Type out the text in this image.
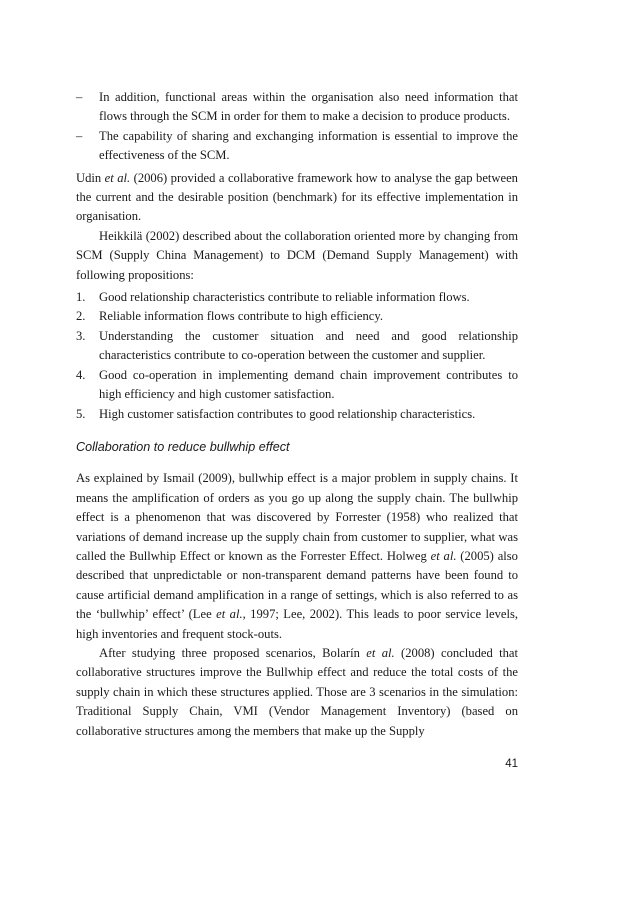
– In addition, functional areas within the organisation also need information that flows through the SCM in order for them to make a decision to produce products.
– The capability of sharing and exchanging information is essential to improve the effectiveness of the SCM.

Udin et al. (2006) provided a collaborative framework how to analyse the gap between the current and the desirable position (benchmark) for its effective implementation in organisation.

Heikkilä (2002) described about the collaboration oriented more by changing from SCM (Supply China Management) to DCM (Demand Supply Management) with following propositions:

1. Good relationship characteristics contribute to reliable information flows.
2. Reliable information flows contribute to high efficiency.
3. Understanding the customer situation and need and good relationship characteristics contribute to co-operation between the customer and supplier.
4. Good co-operation in implementing demand chain improvement contributes to high efficiency and high customer satisfaction.
5. High customer satisfaction contributes to good relationship characteristics.
Collaboration to reduce bullwhip effect

As explained by Ismail (2009), bullwhip effect is a major problem in supply chains. It means the amplification of orders as you go up along the supply chain. The bullwhip effect is a phenomenon that was discovered by Forrester (1958) who realized that variations of demand increase up the supply chain from customer to supplier, what was called the Bullwhip Effect or known as the Forrester Effect. Holweg et al. (2005) also described that unpredictable or non-transparent demand patterns have been found to cause artificial demand amplification in a range of settings, which is also referred to as the ‘bullwhip’ effect’ (Lee et al., 1997; Lee, 2002). This leads to poor service levels, high inventories and frequent stock-outs.

After studying three proposed scenarios, Bolarín et al. (2008) concluded that collaborative structures improve the Bullwhip effect and reduce the total costs of the supply chain in which these structures applied. Those are 3 scenarios in the simulation: Traditional Supply Chain, VMI (Vendor Management Inventory) (based on collaborative structures among the members that make up the Supply

41
